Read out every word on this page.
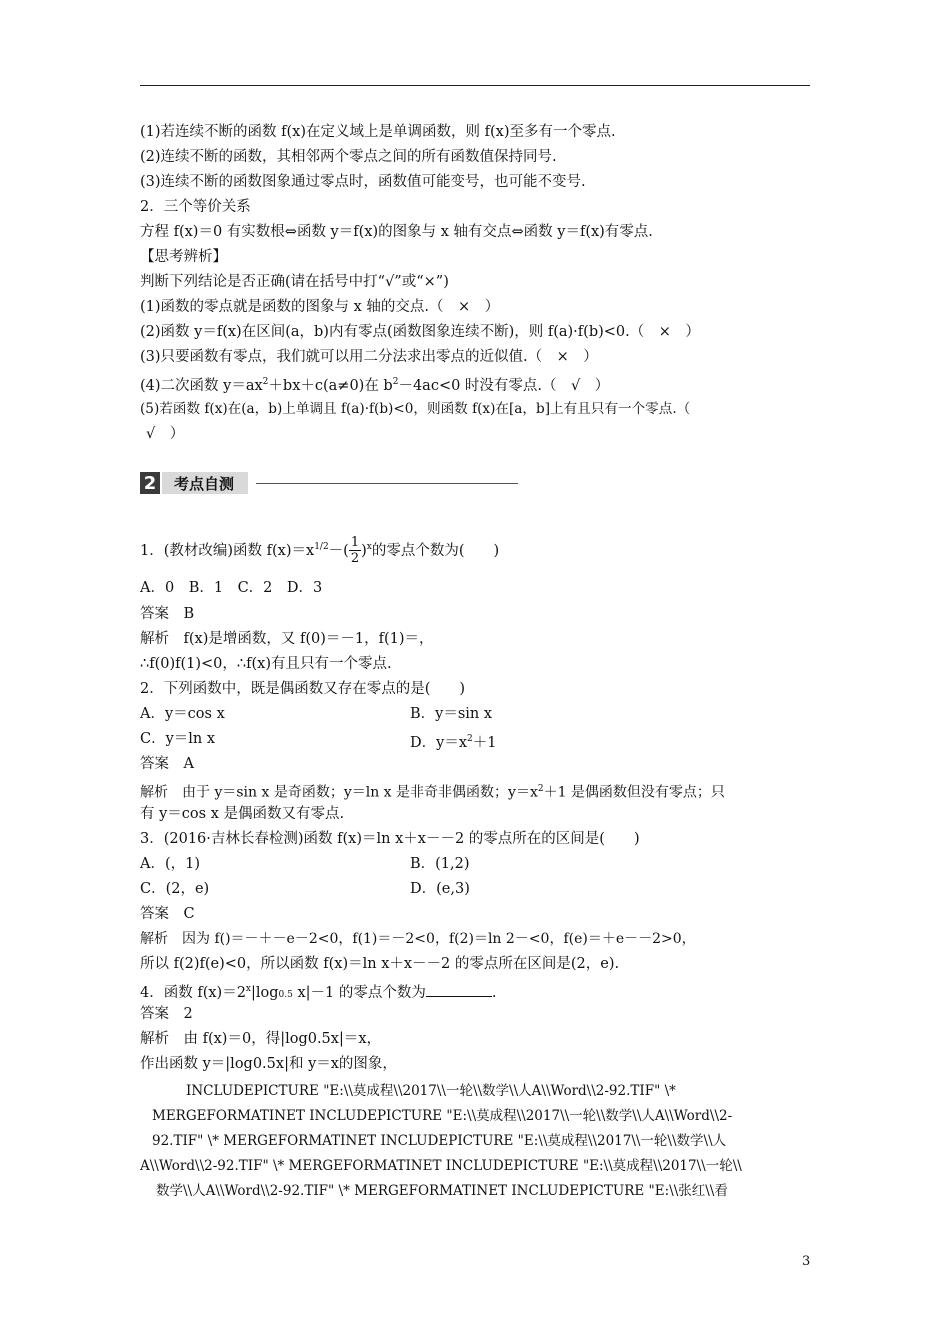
(1)若连续不断的函数 f(x)在定义域上是单调函数，则 f(x)至多有一个零点.
(2)连续不断的函数，其相邻两个零点之间的所有函数值保持同号.
(3)连续不断的函数图象通过零点时，函数值可能变号，也可能不变号.
2．三个等价关系
方程 f(x)＝0 有实数根⇔函数 y＝f(x)的图象与 x 轴有交点⇔函数 y＝f(x)有零点.
【思考辨析】
判断下列结论是否正确(请在括号中打“√”或“×”)
(1)函数的零点就是函数的图象与 x 轴的交点.（　×　）
(2)函数 y＝f(x)在区间(a，b)内有零点(函数图象连续不断)，则 f(a)·f(b)<0.（　×　）
(3)只要函数有零点，我们就可以用二分法求出零点的近似值.（　×　）
(4)二次函数 $y=ax^2+bx+c(a\ne 0)$在 $b^2-4ac<0$ 时没有零点.（　√　）
(5)若函数 f(x)在(a，b)上单调且 f(a)·f(b)<0，则函数 f(x)在[a，b]上有且只有一个零点.（
√　）
2	考点自测
1．(教材改编)函数 $f(x)=x^{1/2}-( \frac{1}{2} )^x$的零点个数为(　　)
A．0　B．1　C．2　D．3
答案　B
解析　f(x)是增函数，又 f(0)＝－1，f(1)＝，
∴f(0)f(1)<0，∴f(x)有且只有一个零点.
2．下列函数中，既是偶函数又存在零点的是(　　)
A．y＝cos x	B．y＝sin x
C．y＝ln x	D．$y=x^2+1$
答案　A
解析　由于 y＝sin x 是奇函数；y＝ln x 是非奇非偶函数；$y=x^2+1$ 是偶函数但没有零点；只
有 y＝cos x 是偶函数又有零点.
3．(2016·吉林长春检测)函数 f(x)＝ln x＋x－－2 的零点所在的区间是(　　)
A．(，1)	B．(1,2)
C．(2，e)	D．(e,3)
答案　C
解析　因为 f()＝－＋－e－2<0，f(1)＝－2<0，f(2)＝ln 2－<0，f(e)＝＋e－－2>0，
所以 f(2)f(e)<0，所以函数 f(x)＝ln x＋x－－2 的零点所在区间是(2，e).
4．函数 $f(x)=2^x|\log 0.5$ x|－1 的零点个数为	.
答案　2
解析　由 f(x)＝0，得|log0.5x|＝x，
作出函数 y＝|log0.5x|和 y＝x的图象，
INCLUDEPICTURE "E:\\莫成程\\2017\\一轮\\数学\\人A\\Word\\2-92.TIF" \*
MERGEFORMATINET INCLUDEPICTURE "E:\\莫成程\\2017\\一轮\\数学\\人A\\Word\\2-
92.TIF" \* MERGEFORMATINET INCLUDEPICTURE "E:\\莫成程\\2017\\一轮\\数学\\人
A\\Word\\2-92.TIF" \* MERGEFORMATINET INCLUDEPICTURE "E:\\莫成程\\2017\\一轮\\
数学\\人A\\Word\\2-92.TIF" \* MERGEFORMATINET INCLUDEPICTURE "E:\\张红\\看
3
